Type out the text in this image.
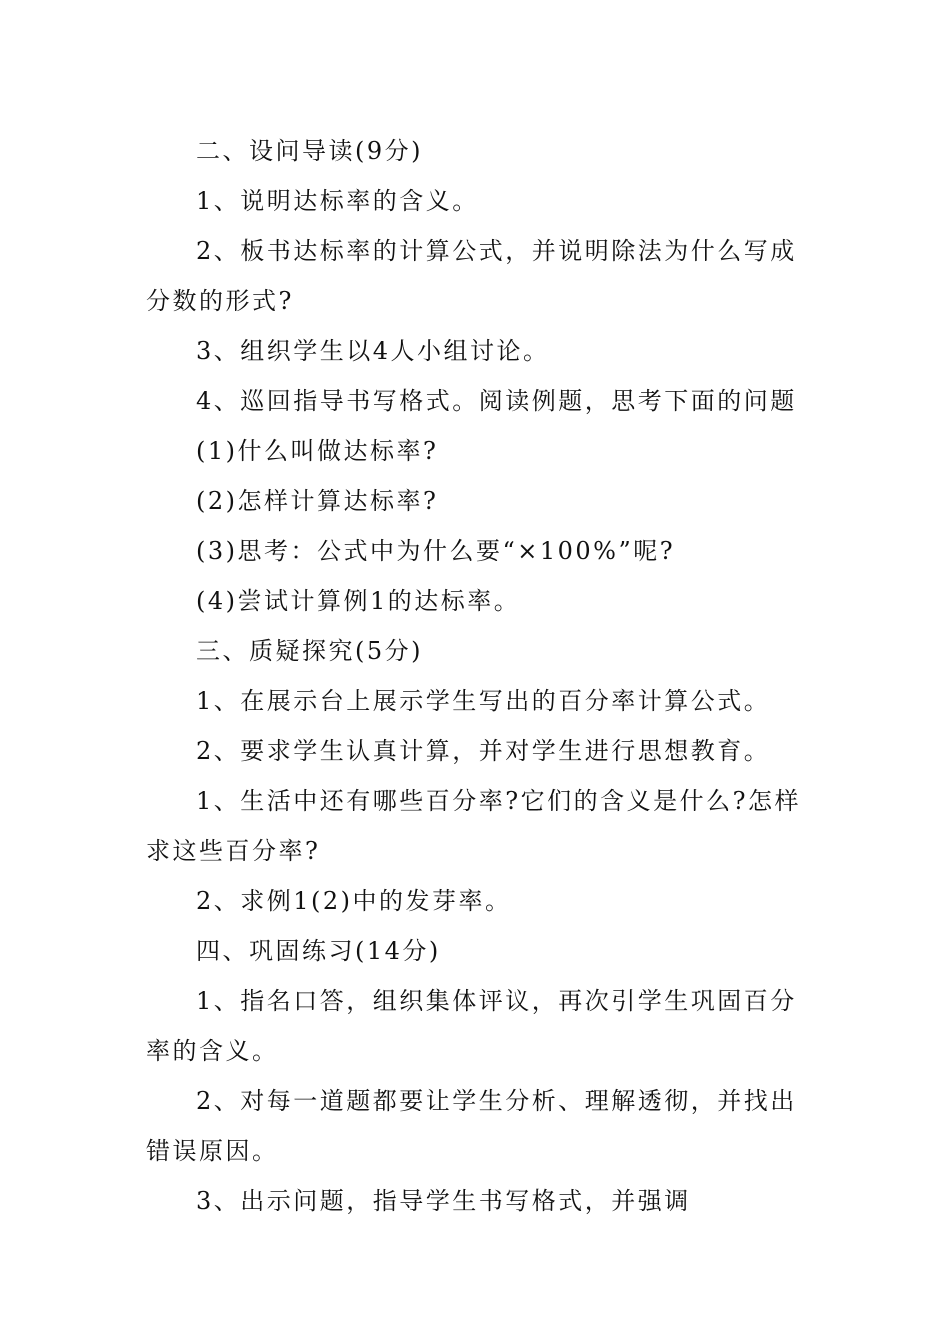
二、设问导读(9分)

1、说明达标率的含义。

2、板书达标率的计算公式，并说明除法为什么写成分数的形式?

3、组织学生以4人小组讨论。

4、巡回指导书写格式。阅读例题，思考下面的问题

(1)什么叫做达标率?

(2)怎样计算达标率?

(3)思考：公式中为什么要“×100%”呢?

(4)尝试计算例1的达标率。

三、质疑探究(5分)

1、在展示台上展示学生写出的百分率计算公式。

2、要求学生认真计算，并对学生进行思想教育。

1、生活中还有哪些百分率?它们的含义是什么?怎样求这些百分率?

2、求例1(2)中的发芽率。

四、巩固练习(14分)

1、指名口答，组织集体评议，再次引学生巩固百分率的含义。

2、对每一道题都要让学生分析、理解透彻，并找出错误原因。

3、出示问题，指导学生书写格式，并强调
